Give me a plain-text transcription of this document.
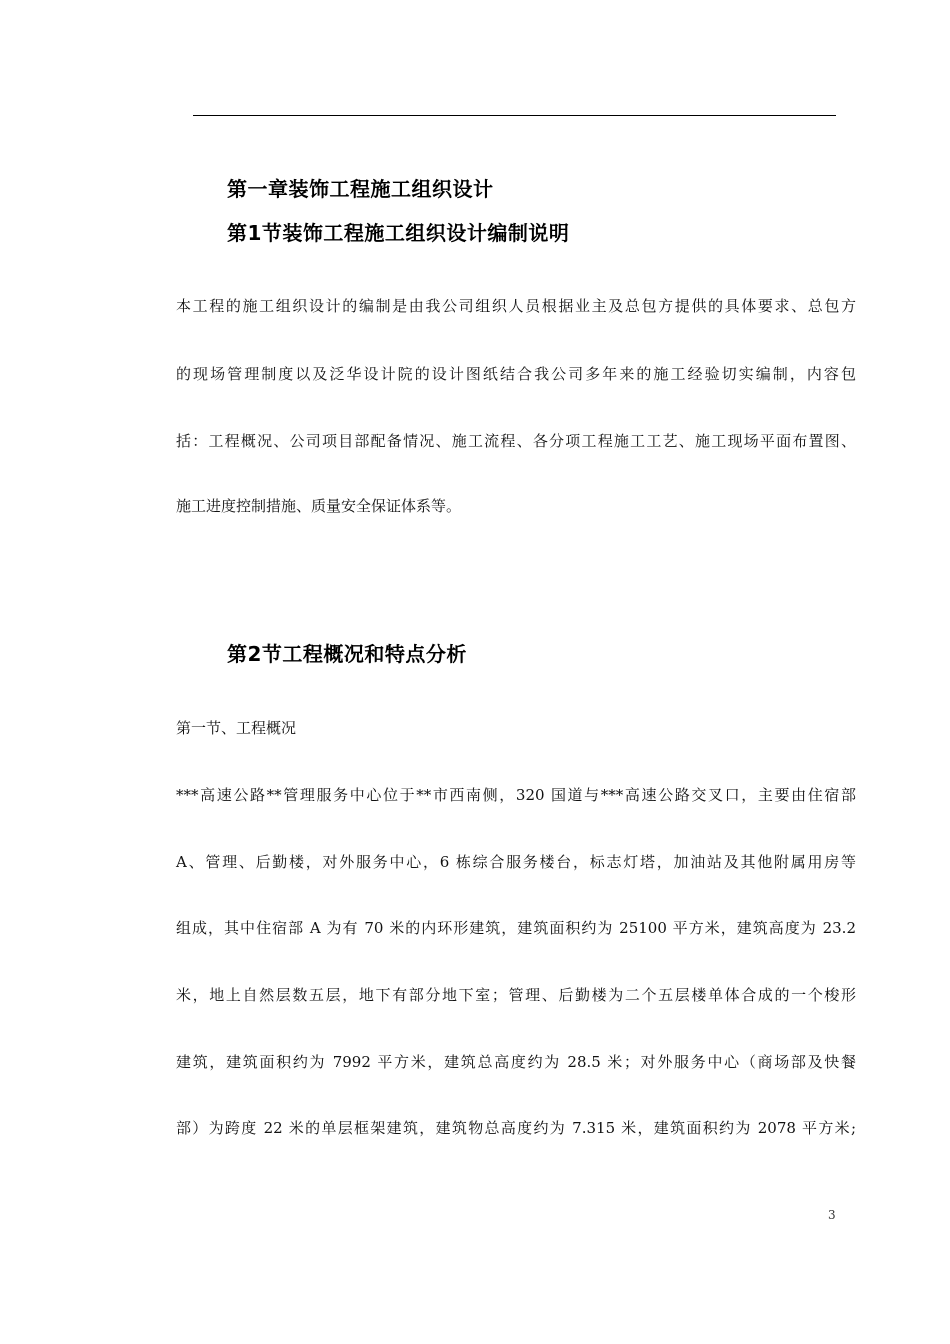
第一章装饰工程施工组织设计
第1节装饰工程施工组织设计编制说明
本工程的施工组织设计的编制是由我公司组织人员根据业主及总包方提供的具体要求、总包方
的现场管理制度以及泛华设计院的设计图纸结合我公司多年来的施工经验切实编制，内容包
括：工程概况、公司项目部配备情况、施工流程、各分项工程施工工艺、施工现场平面布置图、
施工进度控制措施、质量安全保证体系等。
第2节工程概况和特点分析
第一节、工程概况
***高速公路**管理服务中心位于**市西南侧，320 国道与***高速公路交叉口，主要由住宿部
A、管理、后勤楼，对外服务中心，6 栋综合服务楼台，标志灯塔，加油站及其他附属用房等
组成，其中住宿部 A 为有 70 米的内环形建筑，建筑面积约为 25100 平方米，建筑高度为 23.2
米，地上自然层数五层，地下有部分地下室；管理、后勤楼为二个五层楼单体合成的一个梭形
建筑，建筑面积约为 7992 平方米，建筑总高度约为 28.5 米；对外服务中心（商场部及快餐
部）为跨度 22 米的单层框架建筑，建筑物总高度约为 7.315 米，建筑面积约为 2078 平方米;
3
